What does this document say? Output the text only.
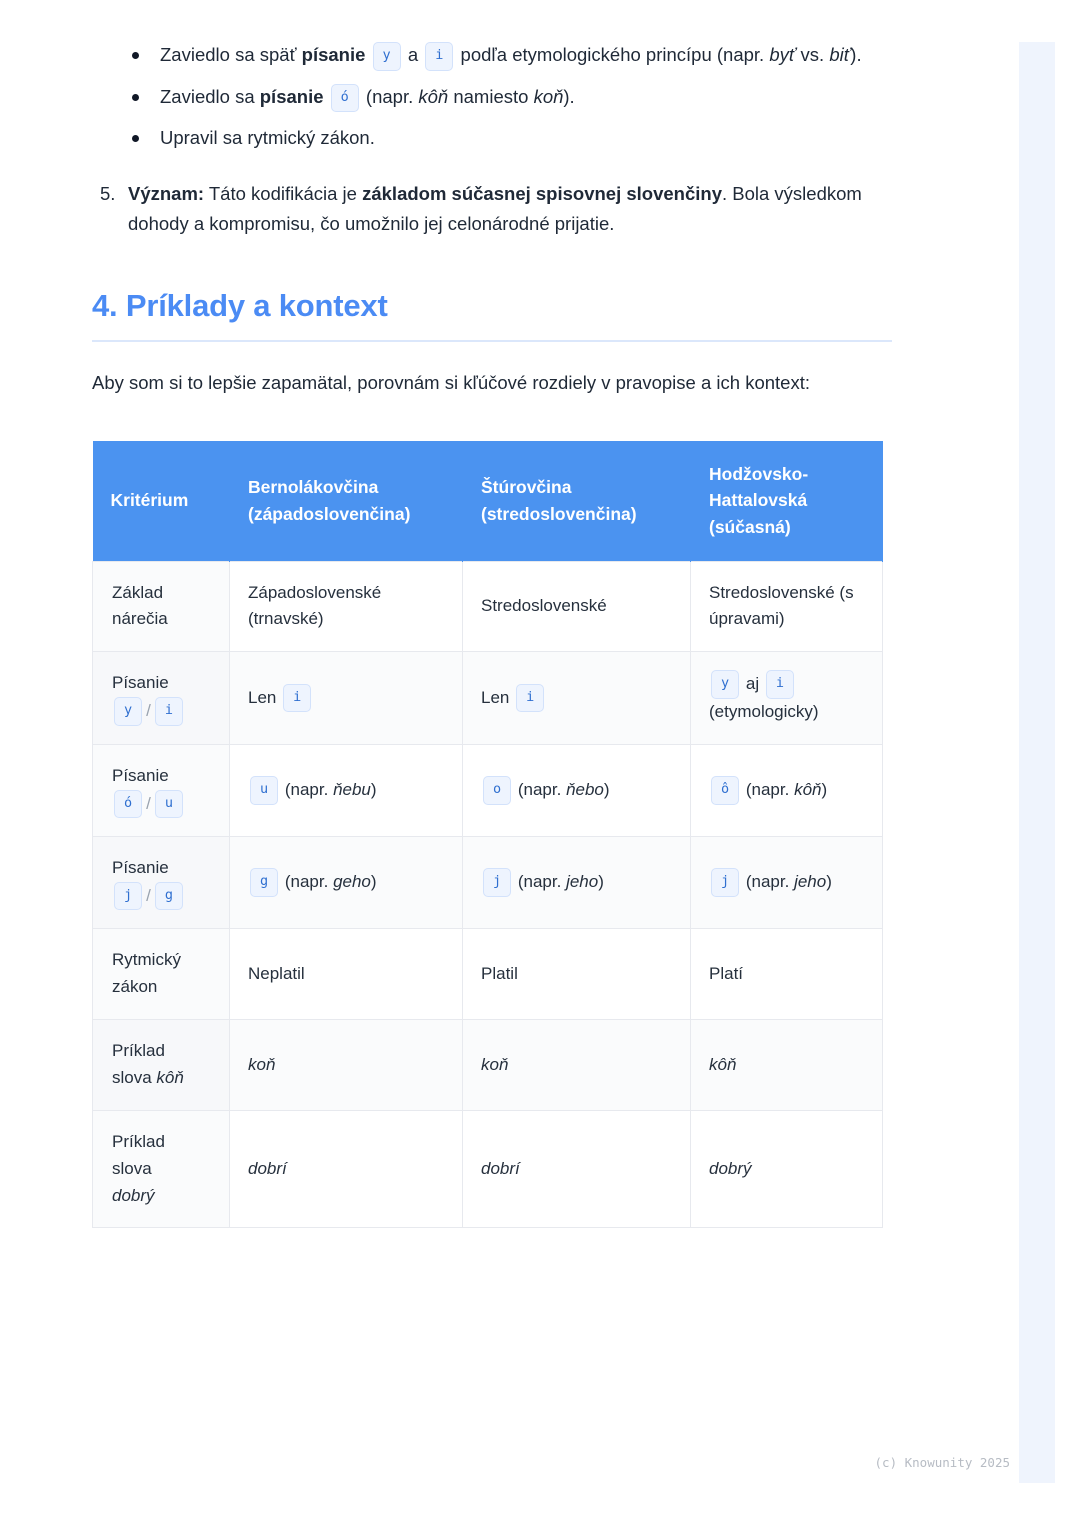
Zaviedlo sa späť písanie y a i podľa etymologického princípu (napr. byť vs. biť).
Zaviedlo sa písanie ó (napr. kôň namiesto koň).
Upravil sa rytmický zákon.
5. Význam: Táto kodifikácia je základom súčasnej spisovnej slovenčiny. Bola výsledkom dohody a kompromisu, čo umožnilo jej celonárodné prijatie.
4. Príklady a kontext

Aby som si to lepšie zapamätal, porovnám si kľúčové rozdiely v pravopise a ich kontext:

Kritérium	Bernolákovčina (západoslovenčina)	Štúrovčina (stredoslovenčina)	Hodžovsko-Hattalovská (súčasná)
Základ
nárečia	Západoslovenské (trnavské)	Stredoslovenské	Stredoslovenské (s úpravami)
Písanie
y / i	Len i	Len i	y aj i
(etymologicky)
Písanie
ó / u	u (napr. ňebu)	o (napr. ňebo)	ô (napr. kôň)
Písanie
j / g	g (napr. geho)	j (napr. jeho)	j (napr. jeho)
Rytmický
zákon	Neplatil	Platil	Platí
Príklad
slova kôň	koň	koň	kôň
Príklad
slova
dobrý	dobrí	dobrí	dobrý
(c) Knowunity 2025
